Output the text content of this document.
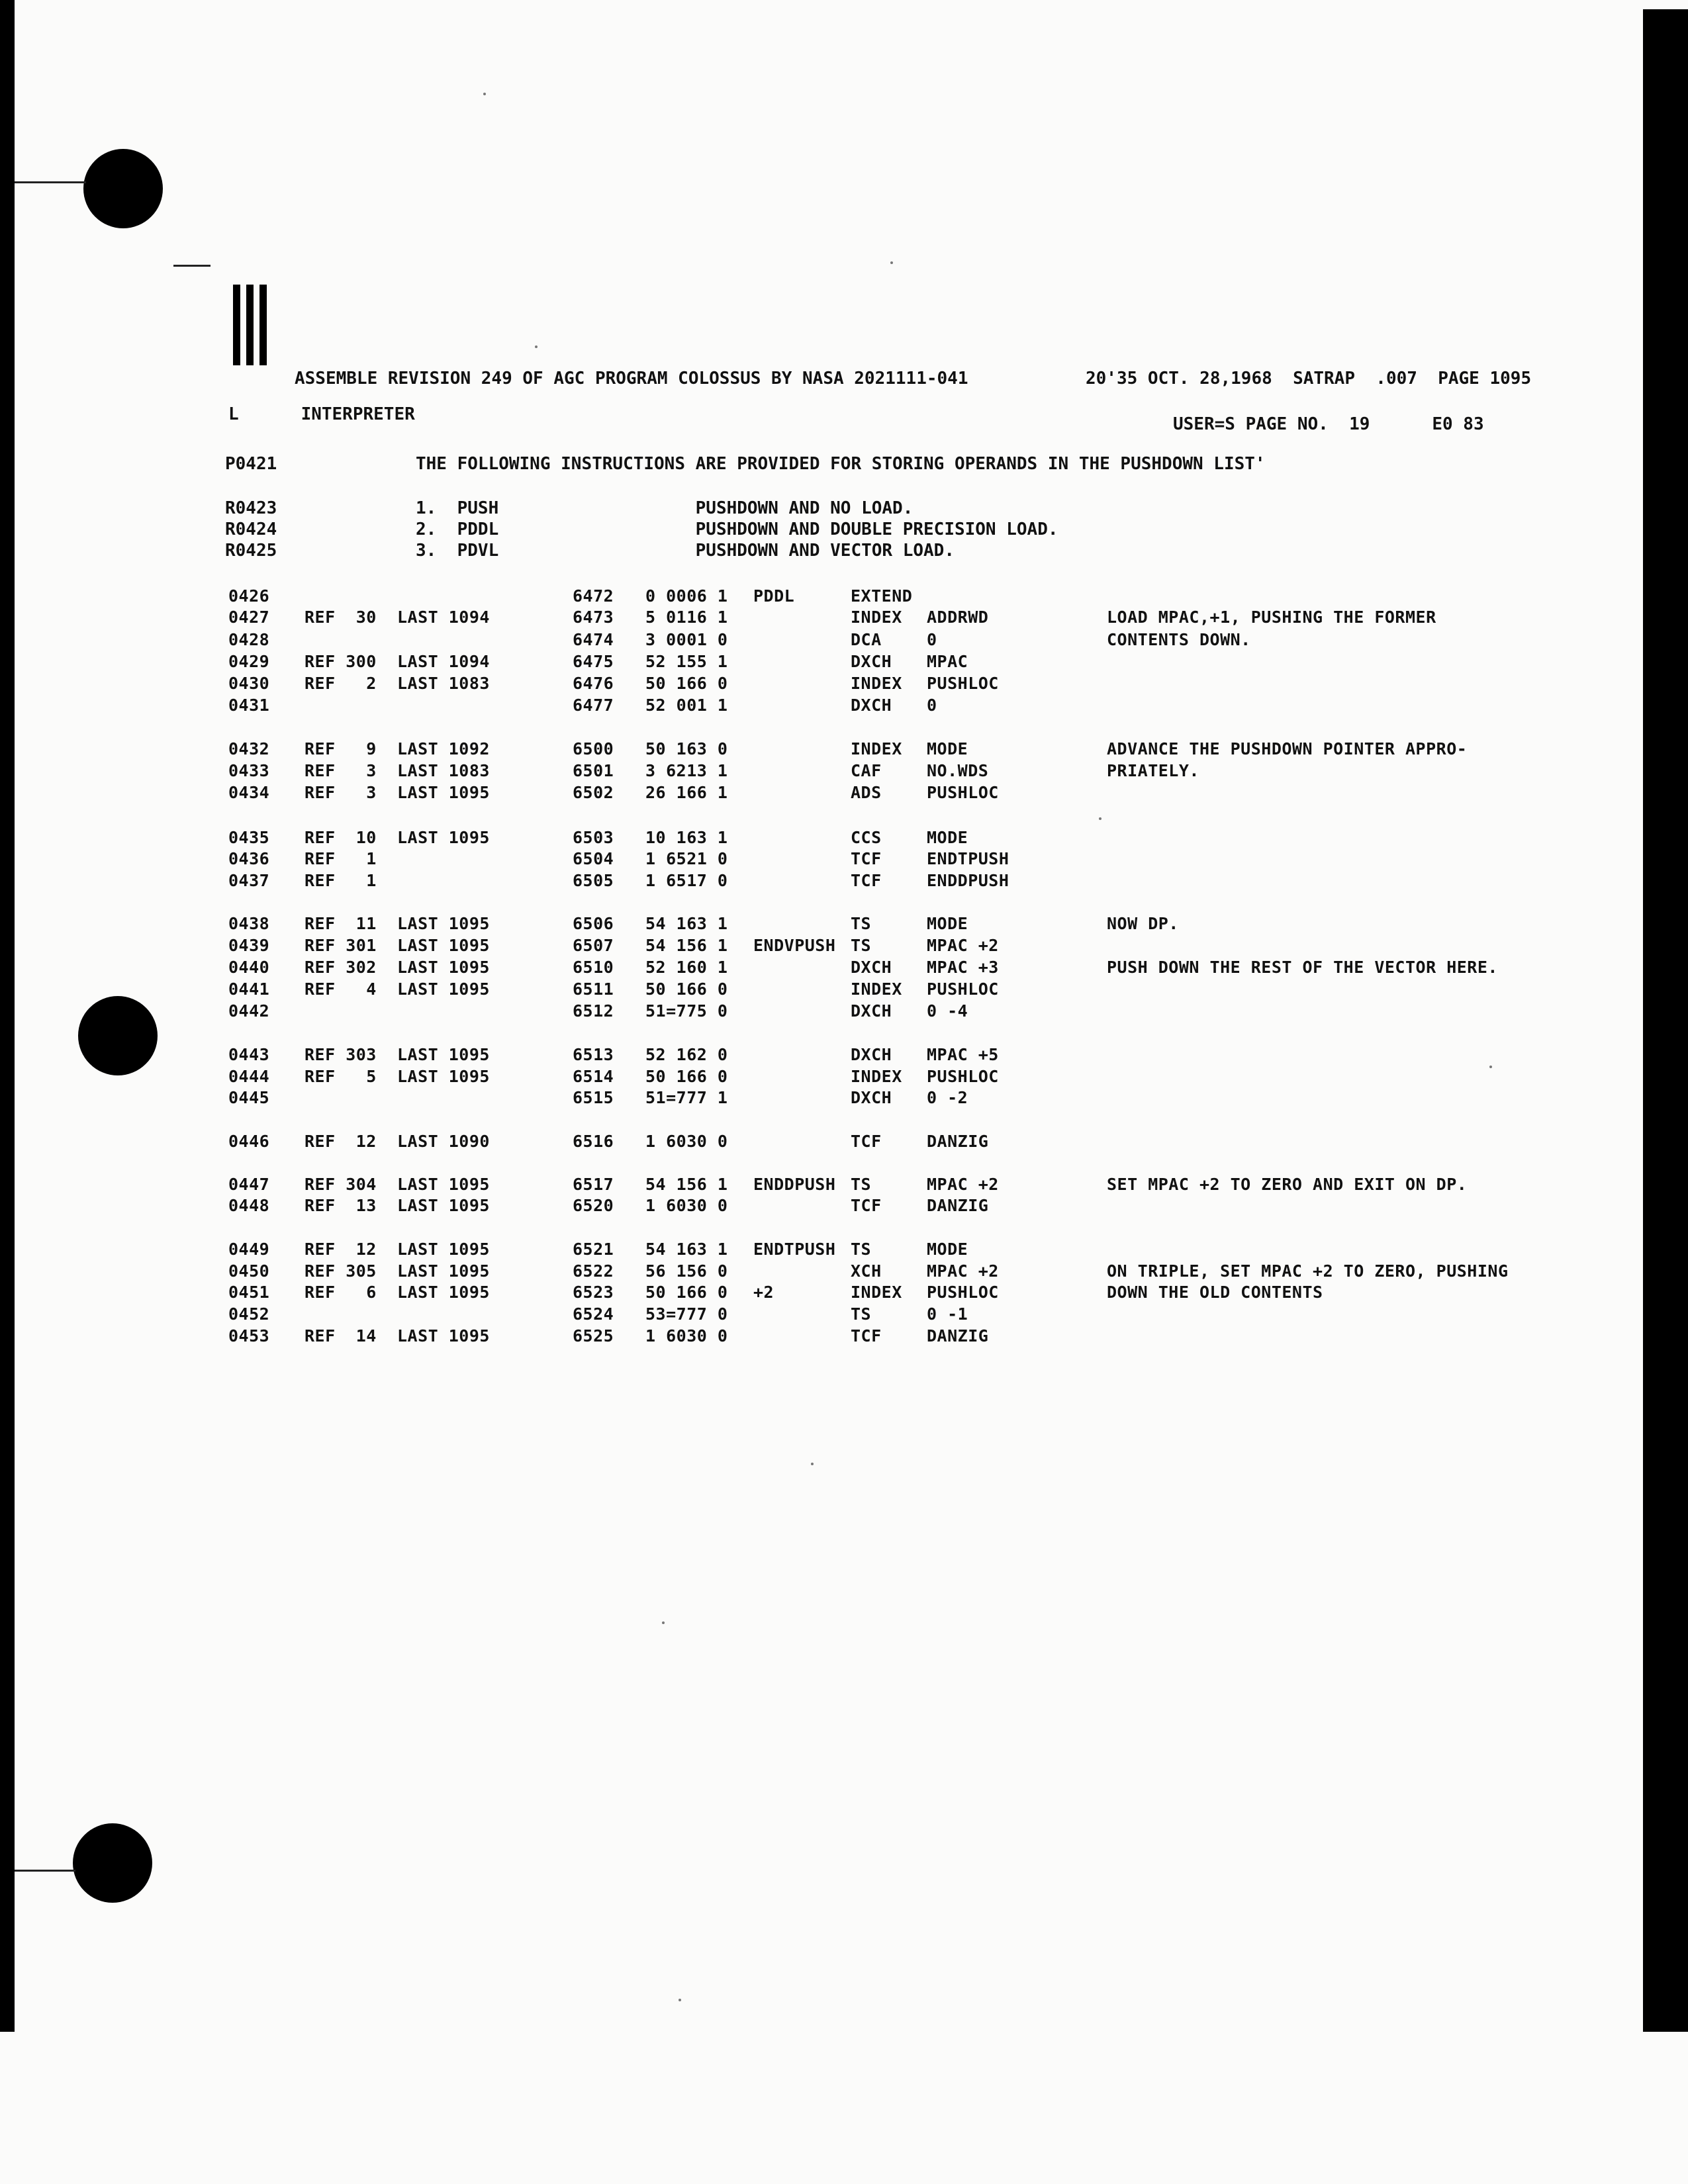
ASSEMBLE REVISION 249 OF AGC PROGRAM COLOSSUS BY NASA 2021111-041	20'35 OCT. 28,1968  SATRAP  .007  PAGE 1095
L      INTERPRETER	USER=S PAGE NO.  19      E0 83
P0421	THE FOLLOWING INSTRUCTIONS ARE PROVIDED FOR STORING OPERANDS IN THE PUSHDOWN LIST'
R0423	1.  PUSH                   PUSHDOWN AND NO LOAD.
R0424	2.  PDDL                   PUSHDOWN AND DOUBLE PRECISION LOAD.
R0425	3.  PDVL                   PUSHDOWN AND VECTOR LOAD.
0426	6472 0 0006 1 PDDL	EXTEND
0427 REF  30  LAST 1094	6473 5 0116 1	INDEX ADDRWD	LOAD MPAC,+1, PUSHING THE FORMER
0428	6474 3 0001 0	DCA	0	CONTENTS DOWN.
0429 REF 300  LAST 1094	6475 52 155 1	DXCH MPAC
0430 REF   2  LAST 1083	6476 50 166 0	INDEX PUSHLOC
0431	6477 52 001 1	DXCH 0
0432 REF   9  LAST 1092	6500 50 163 0	INDEX MODE	ADVANCE THE PUSHDOWN POINTER APPRO-
0433 REF   3  LAST 1083	6501 3 6213 1	CAF	NO.WDS	PRIATELY.
0434 REF   3  LAST 1095	6502 26 166 1	ADS	PUSHLOC
0435 REF  10  LAST 1095	6503 10 163 1	CCS	MODE
0436 REF   1	6504 1 6521 0	TCF	ENDTPUSH
0437 REF   1	6505 1 6517 0	TCF	ENDDPUSH
0438 REF  11  LAST 1095	6506 54 163 1	TS	MODE	NOW DP.
0439 REF 301  LAST 1095	6507 54 156 1 ENDVPUSH TS	MPAC +2
0440 REF 302  LAST 1095	6510 52 160 1	DXCH MPAC +3	PUSH DOWN THE REST OF THE VECTOR HERE.
0441 REF   4  LAST 1095	6511 50 166 0	INDEX PUSHLOC
0442	6512 51=775 0	DXCH 0 -4
0443 REF 303  LAST 1095	6513 52 162 0	DXCH MPAC +5
0444 REF   5  LAST 1095	6514 50 166 0	INDEX PUSHLOC
0445	6515 51=777 1	DXCH 0 -2
0446 REF  12  LAST 1090	6516 1 6030 0	TCF	DANZIG
0447 REF 304  LAST 1095	6517 54 156 1 ENDDPUSH TS	MPAC +2	SET MPAC +2 TO ZERO AND EXIT ON DP.
0448 REF  13  LAST 1095	6520 1 6030 0	TCF	DANZIG
0449 REF  12  LAST 1095	6521 54 163 1 ENDTPUSH TS	MODE
0450 REF 305  LAST 1095	6522 56 156 0	XCH	MPAC +2	ON TRIPLE, SET MPAC +2 TO ZERO, PUSHING
0451 REF   6  LAST 1095	6523 50 166 0 +2	INDEX PUSHLOC	DOWN THE OLD CONTENTS
0452	6524 53=777 0	TS	0 -1
0453 REF  14  LAST 1095	6525 1 6030 0	TCF	DANZIG
